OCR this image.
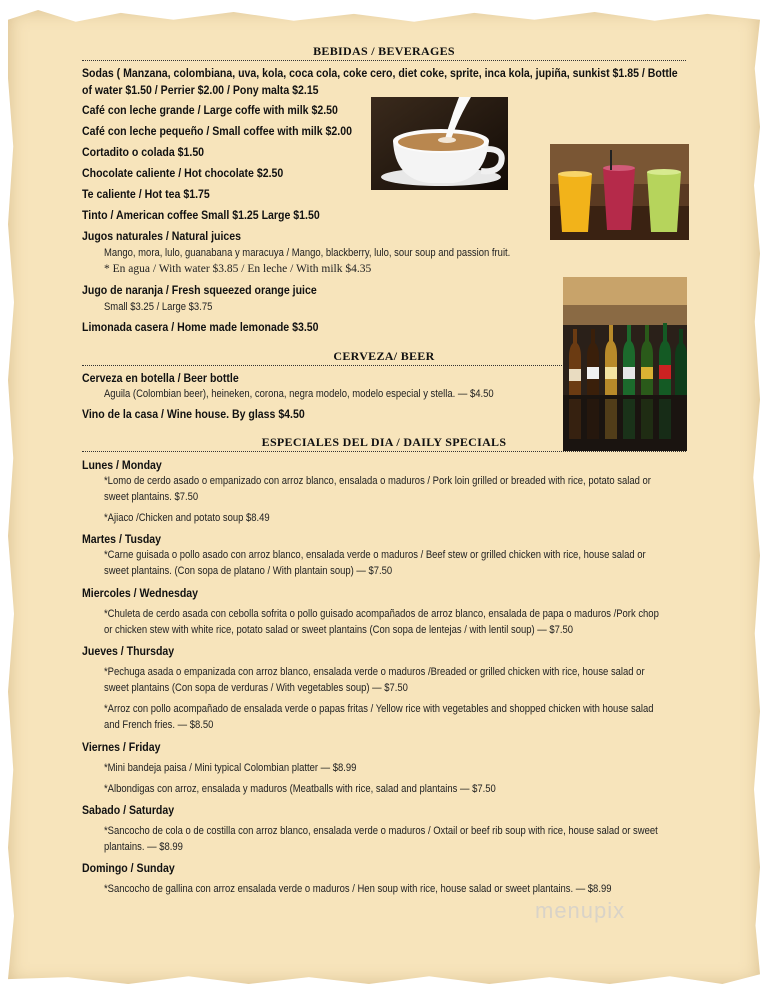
BEBIDAS / BEVERAGES
Sodas ( Manzana, colombiana, uva, kola, coca cola, coke cero, diet coke, sprite, inca kola, jupiña, sunkist $1.85 / Bottle of water $1.50 / Perrier $2.00 / Pony malta $2.15
Café con leche grande / Large coffe with milk $2.50
Café con leche pequeño / Small coffee with milk $2.00
Cortadito o colada $1.50
Chocolate caliente / Hot chocolate $2.50
Te caliente / Hot tea $1.75
Tinto / American coffee Small $1.25 Large $1.50
Jugos naturales / Natural juices
Mango, mora, lulo, guanabana y maracuya / Mango, blackberry, lulo, sour soup and passion fruit.
* En agua / With water $3.85 / En leche / With milk $4.35
Jugo de naranja / Fresh squeezed orange juice
Small $3.25 / Large $3.75
Limonada casera / Home made lemonade $3.50
CERVEZA/ BEER
Cerveza en botella / Beer bottle
Aguila (Colombian beer), heineken, corona, negra modelo, modelo especial y stella. — $4.50
Vino de la casa / Wine house. By glass $4.50
ESPECIALES DEL DIA / DAILY SPECIALS
Lunes / Monday
*Lomo de cerdo asado o empanizado con arroz blanco, ensalada o maduros / Pork loin grilled or breaded with rice, potato salad or sweet plantains. $7.50
*Ajiaco /Chicken and potato soup $8.49
Martes / Tusday
*Carne guisada o pollo asado con arroz blanco, ensalada verde o maduros / Beef stew or grilled chicken with rice, house salad or sweet plantains. (Con sopa de platano / With plantain soup) — $7.50
Miercoles / Wednesday
*Chuleta de cerdo asada con cebolla sofrita o pollo guisado acompañados de arroz blanco, ensalada de papa o maduros /Pork chop or chicken stew with white rice, potato salad or sweet plantains (Con sopa de lentejas / with lentil soup) — $7.50
Jueves / Thursday
*Pechuga asada o empanizada con arroz blanco, ensalada verde o maduros /Breaded or grilled chicken with rice, house salad or sweet plantains (Con sopa de verduras / With vegetables soup) — $7.50
*Arroz con pollo acompañado de ensalada verde o papas fritas / Yellow rice with vegetables and shopped chicken with house salad and French fries. — $8.50
Viernes / Friday
*Mini bandeja paisa / Mini typical Colombian platter — $8.99
*Albondigas con arroz, ensalada y maduros (Meatballs with rice, salad and plantains — $7.50
Sabado / Saturday
*Sancocho de cola o de costilla con arroz blanco, ensalada verde o maduros / Oxtail or beef rib soup with rice, house salad or sweet plantains. — $8.99
Domingo / Sunday
*Sancocho de gallina con arroz ensalada verde o maduros / Hen soup with rice, house salad or sweet plantains. — $8.99
menupix
